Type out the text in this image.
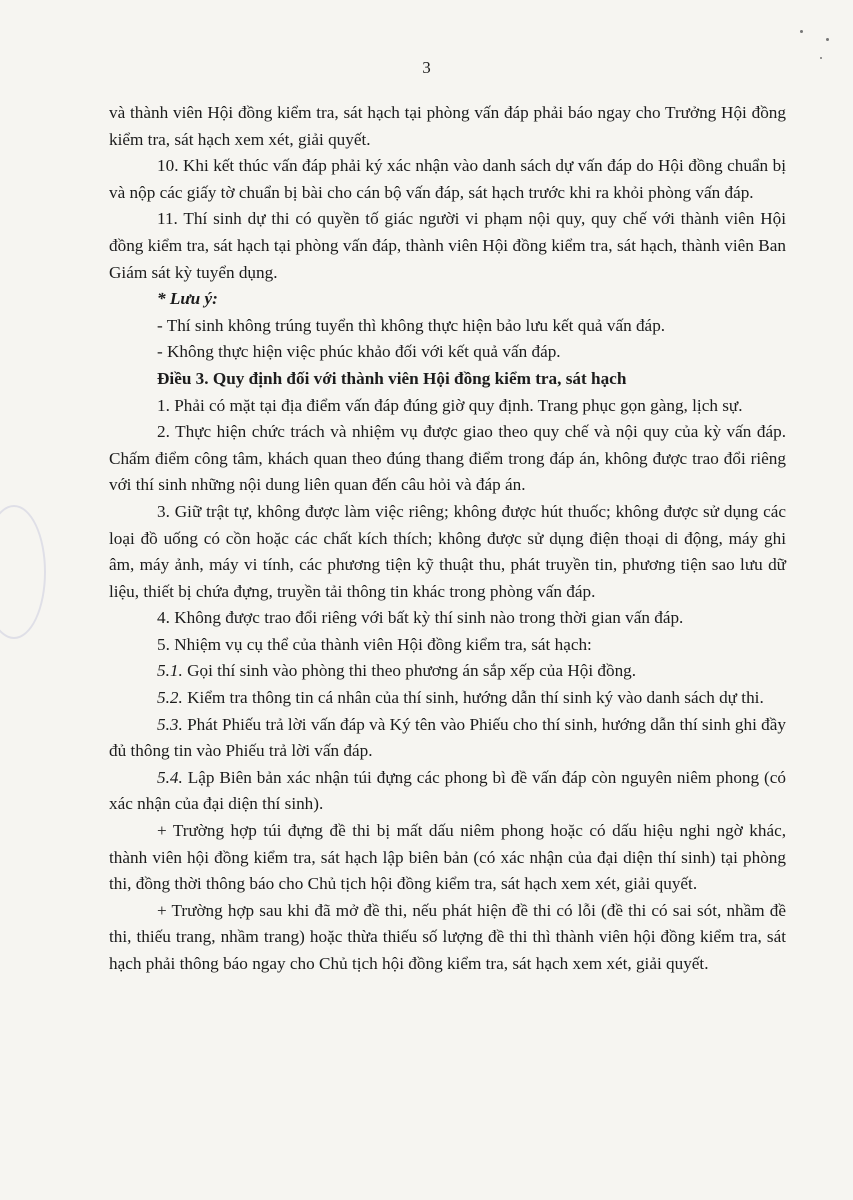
3

và thành viên Hội đồng kiểm tra, sát hạch tại phòng vấn đáp phải báo ngay cho Trưởng Hội đồng kiểm tra, sát hạch xem xét, giải quyết.

10. Khi kết thúc vấn đáp phải ký xác nhận vào danh sách dự vấn đáp do Hội đồng chuẩn bị và nộp các giấy tờ chuẩn bị bài cho cán bộ vấn đáp, sát hạch trước khi ra khỏi phòng vấn đáp.

11. Thí sinh dự thi có quyền tố giác người vi phạm nội quy, quy chế với thành viên Hội đồng kiểm tra, sát hạch tại phòng vấn đáp, thành viên Hội đồng kiểm tra, sát hạch, thành viên Ban Giám sát kỳ tuyển dụng.

* Lưu ý:

- Thí sinh không trúng tuyển thì không thực hiện bảo lưu kết quả vấn đáp.

- Không thực hiện việc phúc khảo đối với kết quả vấn đáp.

Điều 3. Quy định đối với thành viên Hội đồng kiểm tra, sát hạch

1. Phải có mặt tại địa điểm vấn đáp đúng giờ quy định. Trang phục gọn gàng, lịch sự.

2. Thực hiện chức trách và nhiệm vụ được giao theo quy chế và nội quy của kỳ vấn đáp. Chấm điểm công tâm, khách quan theo đúng thang điểm trong đáp án, không được trao đổi riêng với thí sinh những nội dung liên quan đến câu hỏi và đáp án.

3. Giữ trật tự, không được làm việc riêng; không được hút thuốc; không được sử dụng các loại đồ uống có cồn hoặc các chất kích thích; không được sử dụng điện thoại di động, máy ghi âm, máy ảnh, máy vi tính, các phương tiện kỹ thuật thu, phát truyền tin, phương tiện sao lưu dữ liệu, thiết bị chứa đựng, truyền tải thông tin khác trong phòng vấn đáp.

4. Không được trao đổi riêng với bất kỳ thí sinh nào trong thời gian vấn đáp.

5. Nhiệm vụ cụ thể của thành viên Hội đồng kiểm tra, sát hạch:

5.1. Gọi thí sinh vào phòng thi theo phương án sắp xếp của Hội đồng.

5.2. Kiểm tra thông tin cá nhân của thí sinh, hướng dẫn thí sinh ký vào danh sách dự thi.

5.3. Phát Phiếu trả lời vấn đáp và Ký tên vào Phiếu cho thí sinh, hướng dẫn thí sinh ghi đầy đủ thông tin vào Phiếu trả lời vấn đáp.

5.4. Lập Biên bản xác nhận túi đựng các phong bì đề vấn đáp còn nguyên niêm phong (có xác nhận của đại diện thí sinh).

+ Trường hợp túi đựng đề thi bị mất dấu niêm phong hoặc có dấu hiệu nghi ngờ khác, thành viên hội đồng kiểm tra, sát hạch lập biên bản (có xác nhận của đại diện thí sinh) tại phòng thi, đồng thời thông báo cho Chủ tịch hội đồng kiểm tra, sát hạch xem xét, giải quyết.

+ Trường hợp sau khi đã mở đề thi, nếu phát hiện đề thi có lỗi (đề thi có sai sót, nhầm đề thi, thiếu trang, nhầm trang) hoặc thừa thiếu số lượng đề thi thì thành viên hội đồng kiểm tra, sát hạch phải thông báo ngay cho Chủ tịch hội đồng kiểm tra, sát hạch xem xét, giải quyết.
